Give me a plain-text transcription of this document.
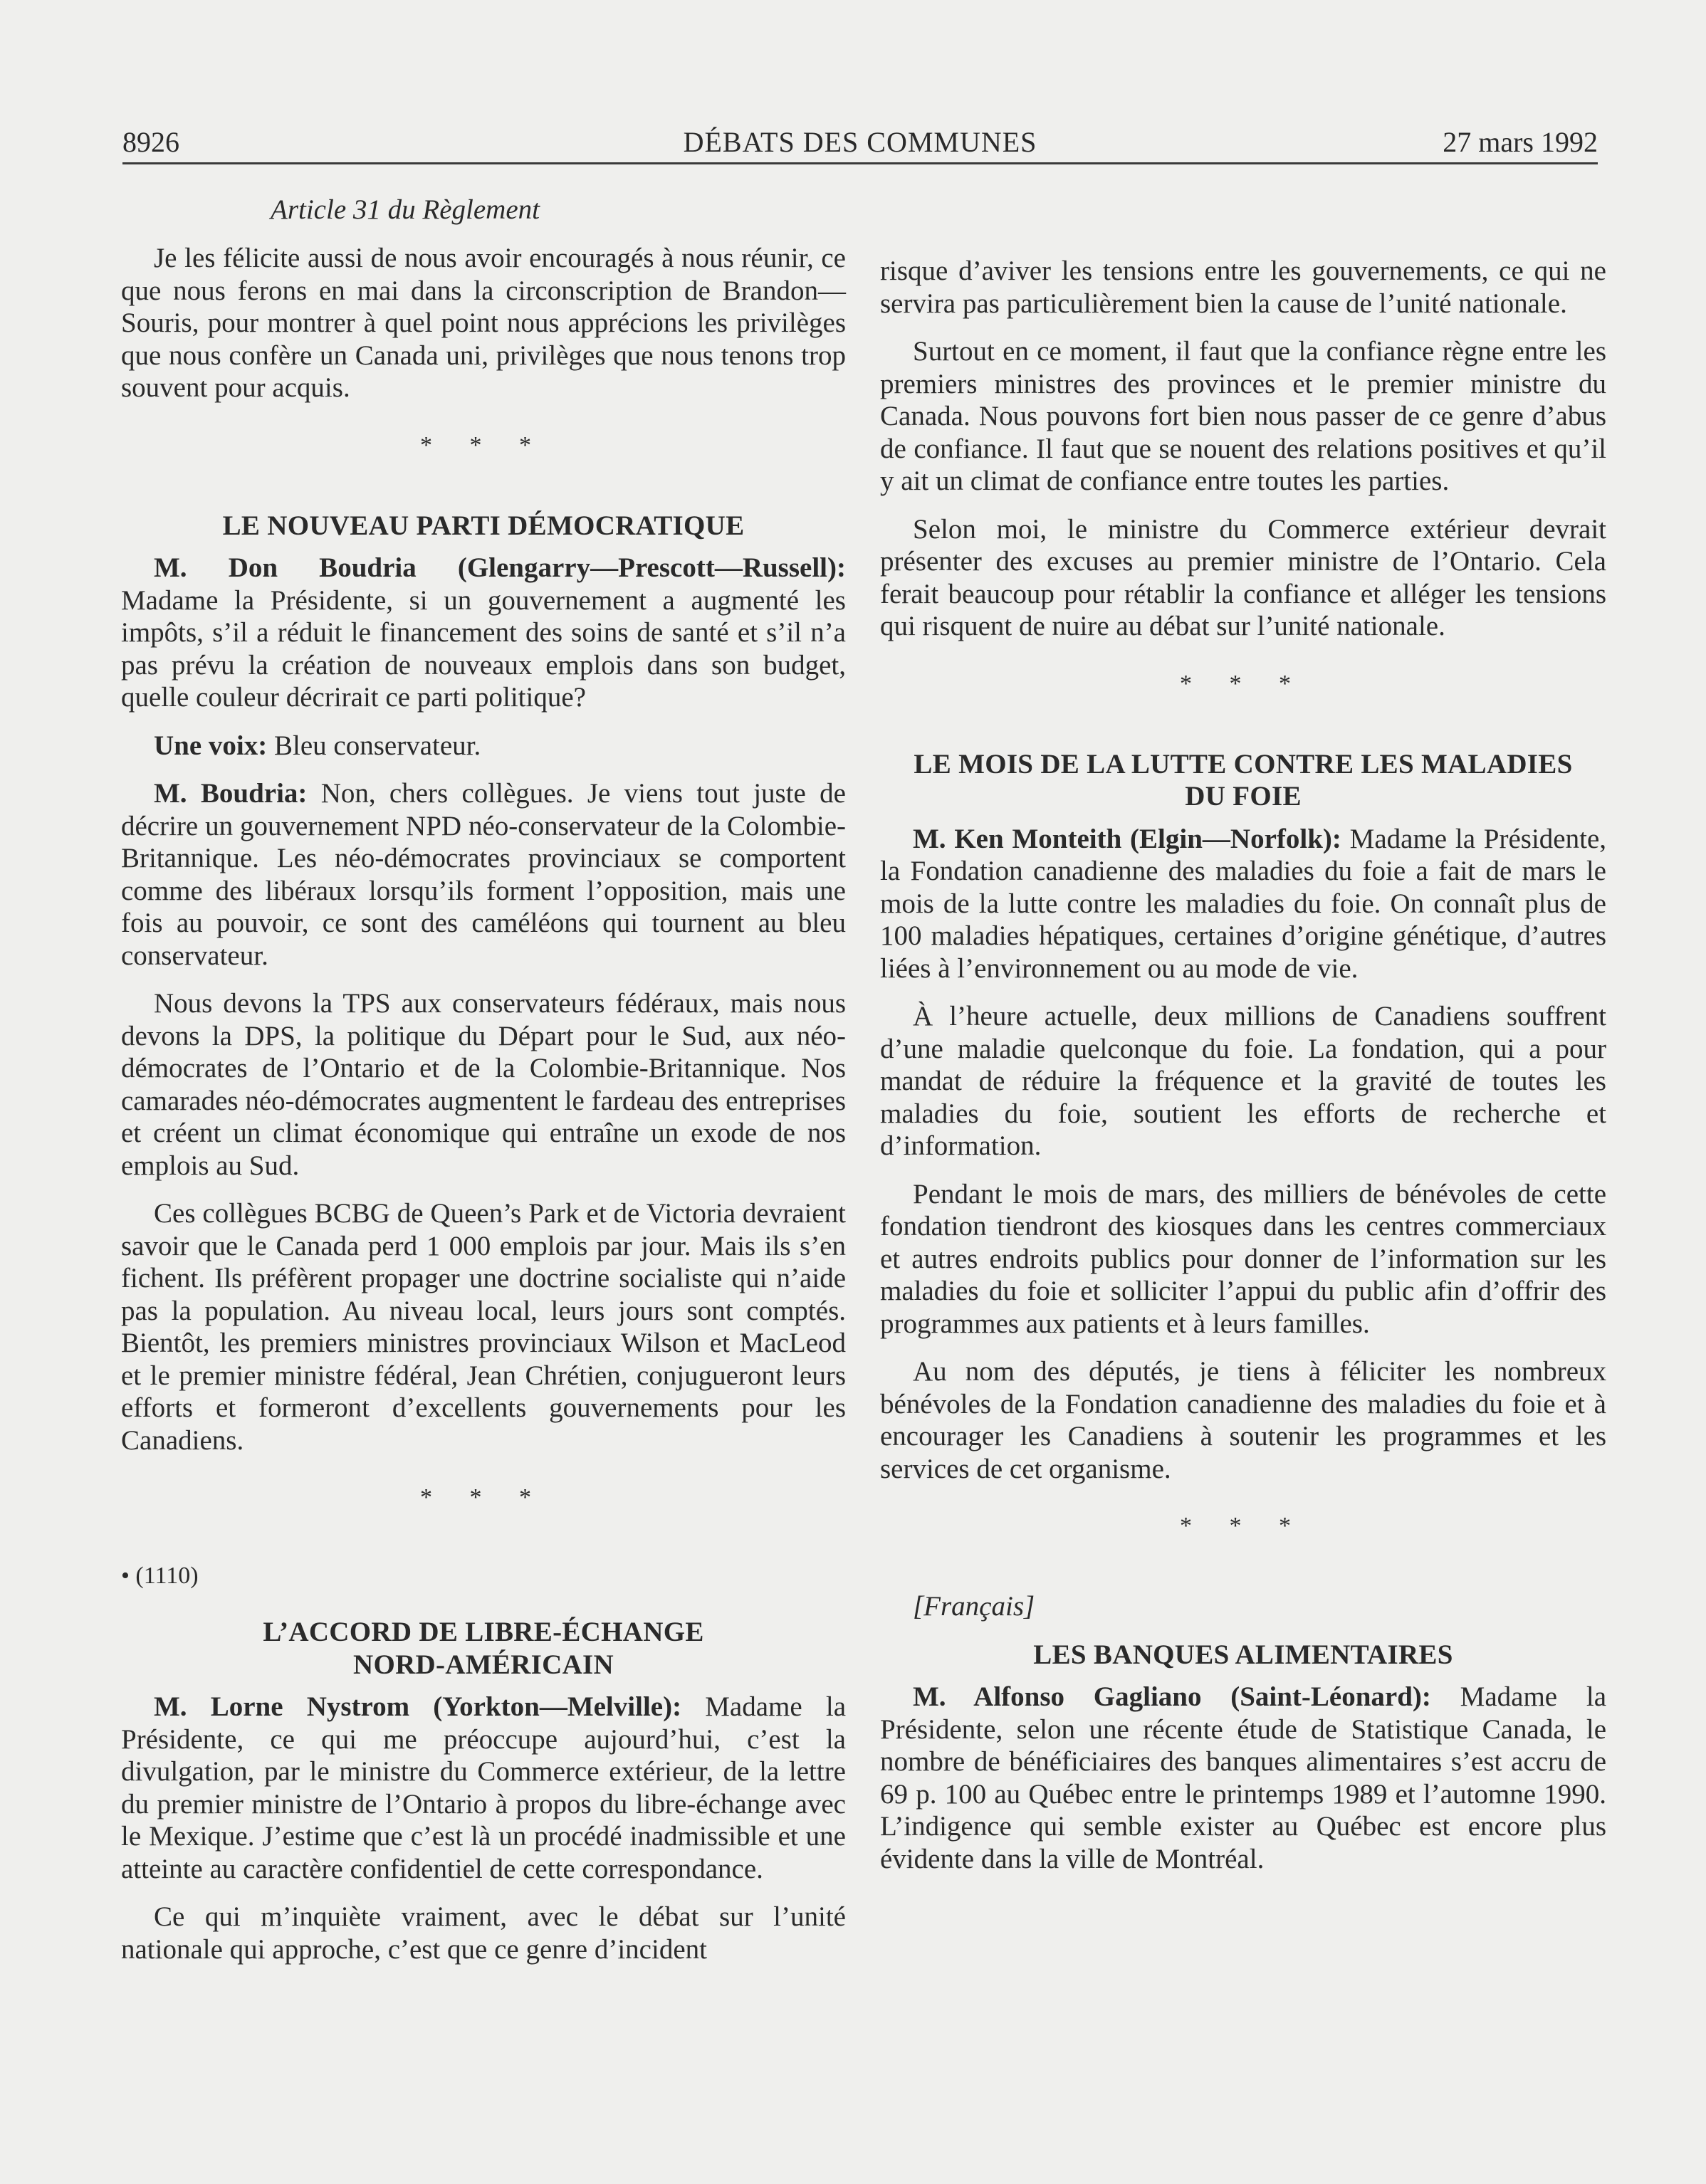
8926	DÉBATS DES COMMUNES	27 mars 1992
Article 31 du Règlement

Je les félicite aussi de nous avoir encouragés à nous réunir, ce que nous ferons en mai dans la circonscription de Brandon—Souris, pour montrer à quel point nous apprécions les privilèges que nous confère un Canada uni, privilèges que nous tenons trop souvent pour acquis.

* * *
LE NOUVEAU PARTI DÉMOCRATIQUE

M. Don Boudria (Glengarry—Prescott—Russell): Madame la Présidente, si un gouvernement a augmenté les impôts, s’il a réduit le financement des soins de santé et s’il n’a pas prévu la création de nouveaux emplois dans son budget, quelle couleur décrirait ce parti politique?

Une voix: Bleu conservateur.

M. Boudria: Non, chers collègues. Je viens tout juste de décrire un gouvernement NPD néo-conservateur de la Colombie-Britannique. Les néo-démocrates provinciaux se comportent comme des libéraux lorsqu’ils forment l’opposition, mais une fois au pouvoir, ce sont des caméléons qui tournent au bleu conservateur.

Nous devons la TPS aux conservateurs fédéraux, mais nous devons la DPS, la politique du Départ pour le Sud, aux néo-démocrates de l’Ontario et de la Colombie-Britannique. Nos camarades néo-démocrates augmentent le fardeau des entreprises et créent un climat économique qui entraîne un exode de nos emplois au Sud.

Ces collègues BCBG de Queen’s Park et de Victoria devraient savoir que le Canada perd 1 000 emplois par jour. Mais ils s’en fichent. Ils préfèrent propager une doctrine socialiste qui n’aide pas la population. Au niveau local, leurs jours sont comptés. Bientôt, les premiers ministres provinciaux Wilson et MacLeod et le premier ministre fédéral, Jean Chrétien, conjugueront leurs efforts et formeront d’excellents gouvernements pour les Canadiens.

* * *
• (1110)
L’ACCORD DE LIBRE-ÉCHANGE
NORD-AMÉRICAIN

M. Lorne Nystrom (Yorkton—Melville): Madame la Présidente, ce qui me préoccupe aujourd’hui, c’est la divulgation, par le ministre du Commerce extérieur, de la lettre du premier ministre de l’Ontario à propos du libre-échange avec le Mexique. J’estime que c’est là un procédé inadmissible et une atteinte au caractère confidentiel de cette correspondance.

Ce qui m’inquiète vraiment, avec le débat sur l’unité nationale qui approche, c’est que ce genre d’incident

risque d’aviver les tensions entre les gouvernements, ce qui ne servira pas particulièrement bien la cause de l’unité nationale.

Surtout en ce moment, il faut que la confiance règne entre les premiers ministres des provinces et le premier ministre du Canada. Nous pouvons fort bien nous passer de ce genre d’abus de confiance. Il faut que se nouent des relations positives et qu’il y ait un climat de confiance entre toutes les parties.

Selon moi, le ministre du Commerce extérieur devrait présenter des excuses au premier ministre de l’Ontario. Cela ferait beaucoup pour rétablir la confiance et alléger les tensions qui risquent de nuire au débat sur l’unité nationale.

* * *
LE MOIS DE LA LUTTE CONTRE LES MALADIES
DU FOIE

M. Ken Monteith (Elgin—Norfolk): Madame la Présidente, la Fondation canadienne des maladies du foie a fait de mars le mois de la lutte contre les maladies du foie. On connaît plus de 100 maladies hépatiques, certaines d’origine génétique, d’autres liées à l’environnement ou au mode de vie.

À l’heure actuelle, deux millions de Canadiens souffrent d’une maladie quelconque du foie. La fondation, qui a pour mandat de réduire la fréquence et la gravité de toutes les maladies du foie, soutient les efforts de recherche et d’information.

Pendant le mois de mars, des milliers de bénévoles de cette fondation tiendront des kiosques dans les centres commerciaux et autres endroits publics pour donner de l’information sur les maladies du foie et solliciter l’appui du public afin d’offrir des programmes aux patients et à leurs familles.

Au nom des députés, je tiens à féliciter les nombreux bénévoles de la Fondation canadienne des maladies du foie et à encourager les Canadiens à soutenir les programmes et les services de cet organisme.

* * *

[Français]

LES BANQUES ALIMENTAIRES

M. Alfonso Gagliano (Saint-Léonard): Madame la Présidente, selon une récente étude de Statistique Canada, le nombre de bénéficiaires des banques alimentaires s’est accru de 69 p. 100 au Québec entre le printemps 1989 et l’automne 1990. L’indigence qui semble exister au Québec est encore plus évidente dans la ville de Montréal.
